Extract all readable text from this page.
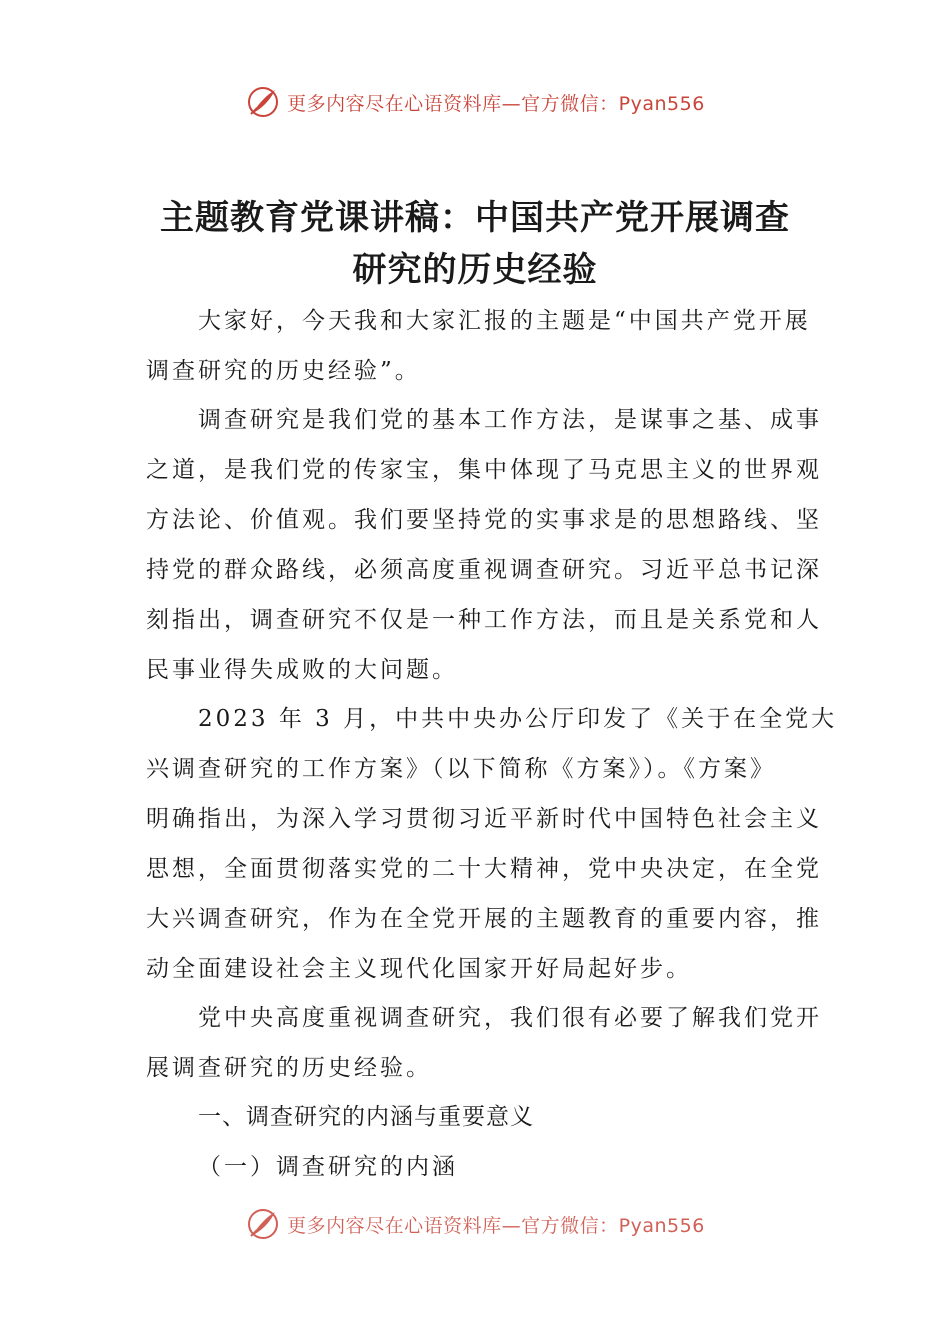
更多内容尽在心语资料库—官方微信：Pyan556
主题教育党课讲稿：中国共产党开展调查
研究的历史经验
　　大家好，今天我和大家汇报的主题是“中国共产党开展
调查研究的历史经验”。
　　调查研究是我们党的基本工作方法，是谋事之基、成事
之道，是我们党的传家宝，集中体现了马克思主义的世界观
方法论、价值观。我们要坚持党的实事求是的思想路线、坚
持党的群众路线，必须高度重视调查研究。习近平总书记深
刻指出，调查研究不仅是一种工作方法，而且是关系党和人
民事业得失成败的大问题。
　　2023 年 3 月，中共中央办公厅印发了《关于在全党大
兴调查研究的工作方案》（以下简称《方案》）。《方案》
明确指出，为深入学习贯彻习近平新时代中国特色社会主义
思想，全面贯彻落实党的二十大精神，党中央决定，在全党
大兴调查研究，作为在全党开展的主题教育的重要内容，推
动全面建设社会主义现代化国家开好局起好步。
　　党中央高度重视调查研究，我们很有必要了解我们党开
展调查研究的历史经验。
一、调查研究的内涵与重要意义
（一）调查研究的内涵
更多内容尽在心语资料库—官方微信：Pyan556
